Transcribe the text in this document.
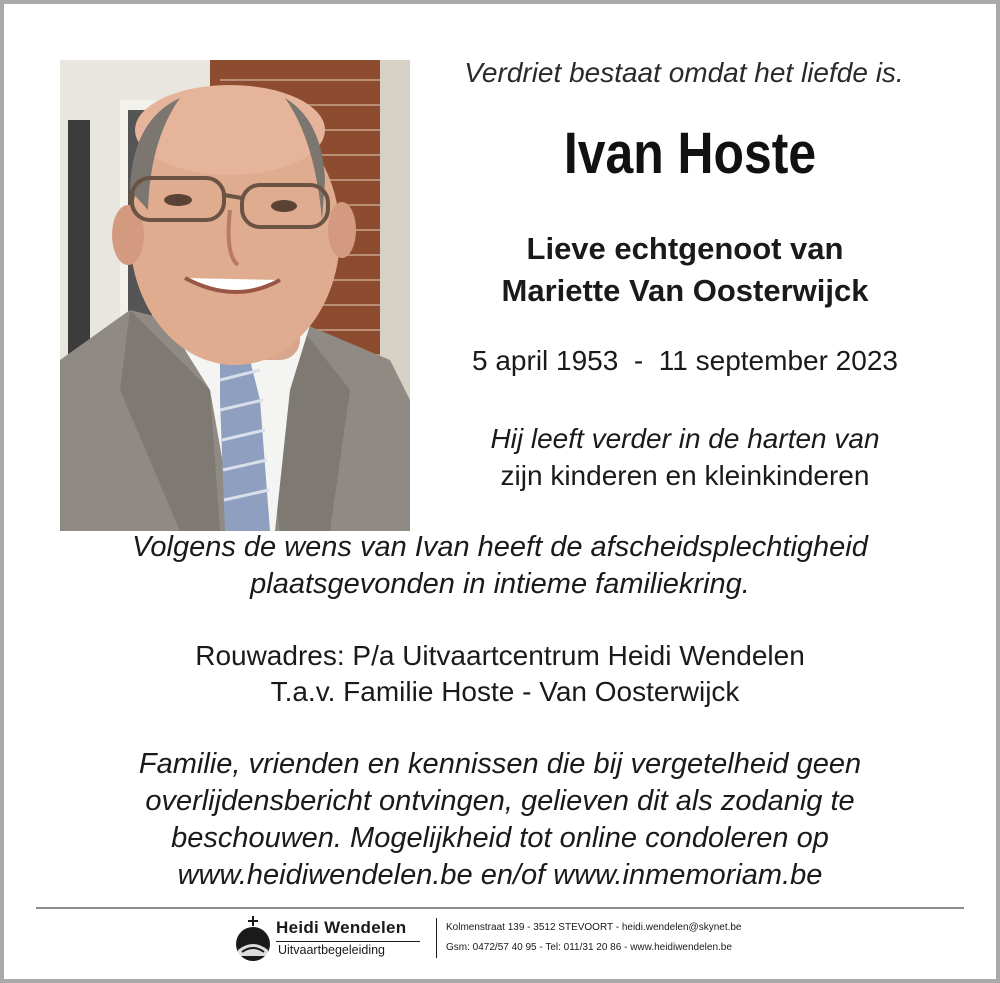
Verdriet bestaat omdat het liefde is.
Ivan Hoste
Lieve echtgenoot van
Mariette Van Oosterwijck
5 april 1953  -  11 september 2023
Hij leeft verder in de harten van
zijn kinderen en kleinkinderen
Volgens de wens van Ivan heeft de afscheidsplechtigheid
plaatsgevonden in intieme familiekring.
Rouwadres: P/a Uitvaartcentrum Heidi Wendelen
T.a.v. Familie Hoste - Van Oosterwijck
Familie, vrienden en kennissen die bij vergetelheid geen
overlijdensbericht ontvingen, gelieven dit als zodanig te
beschouwen. Mogelijkheid tot online condoleren op
www.heidiwendelen.be en/of www.inmemoriam.be
Heidi Wendelen
Uitvaartbegeleiding
Kolmenstraat 139 - 3512 STEVOORT - heidi.wendelen@skynet.be
Gsm: 0472/57 40 95 - Tel: 011/31 20 86 - www.heidiwendelen.be
